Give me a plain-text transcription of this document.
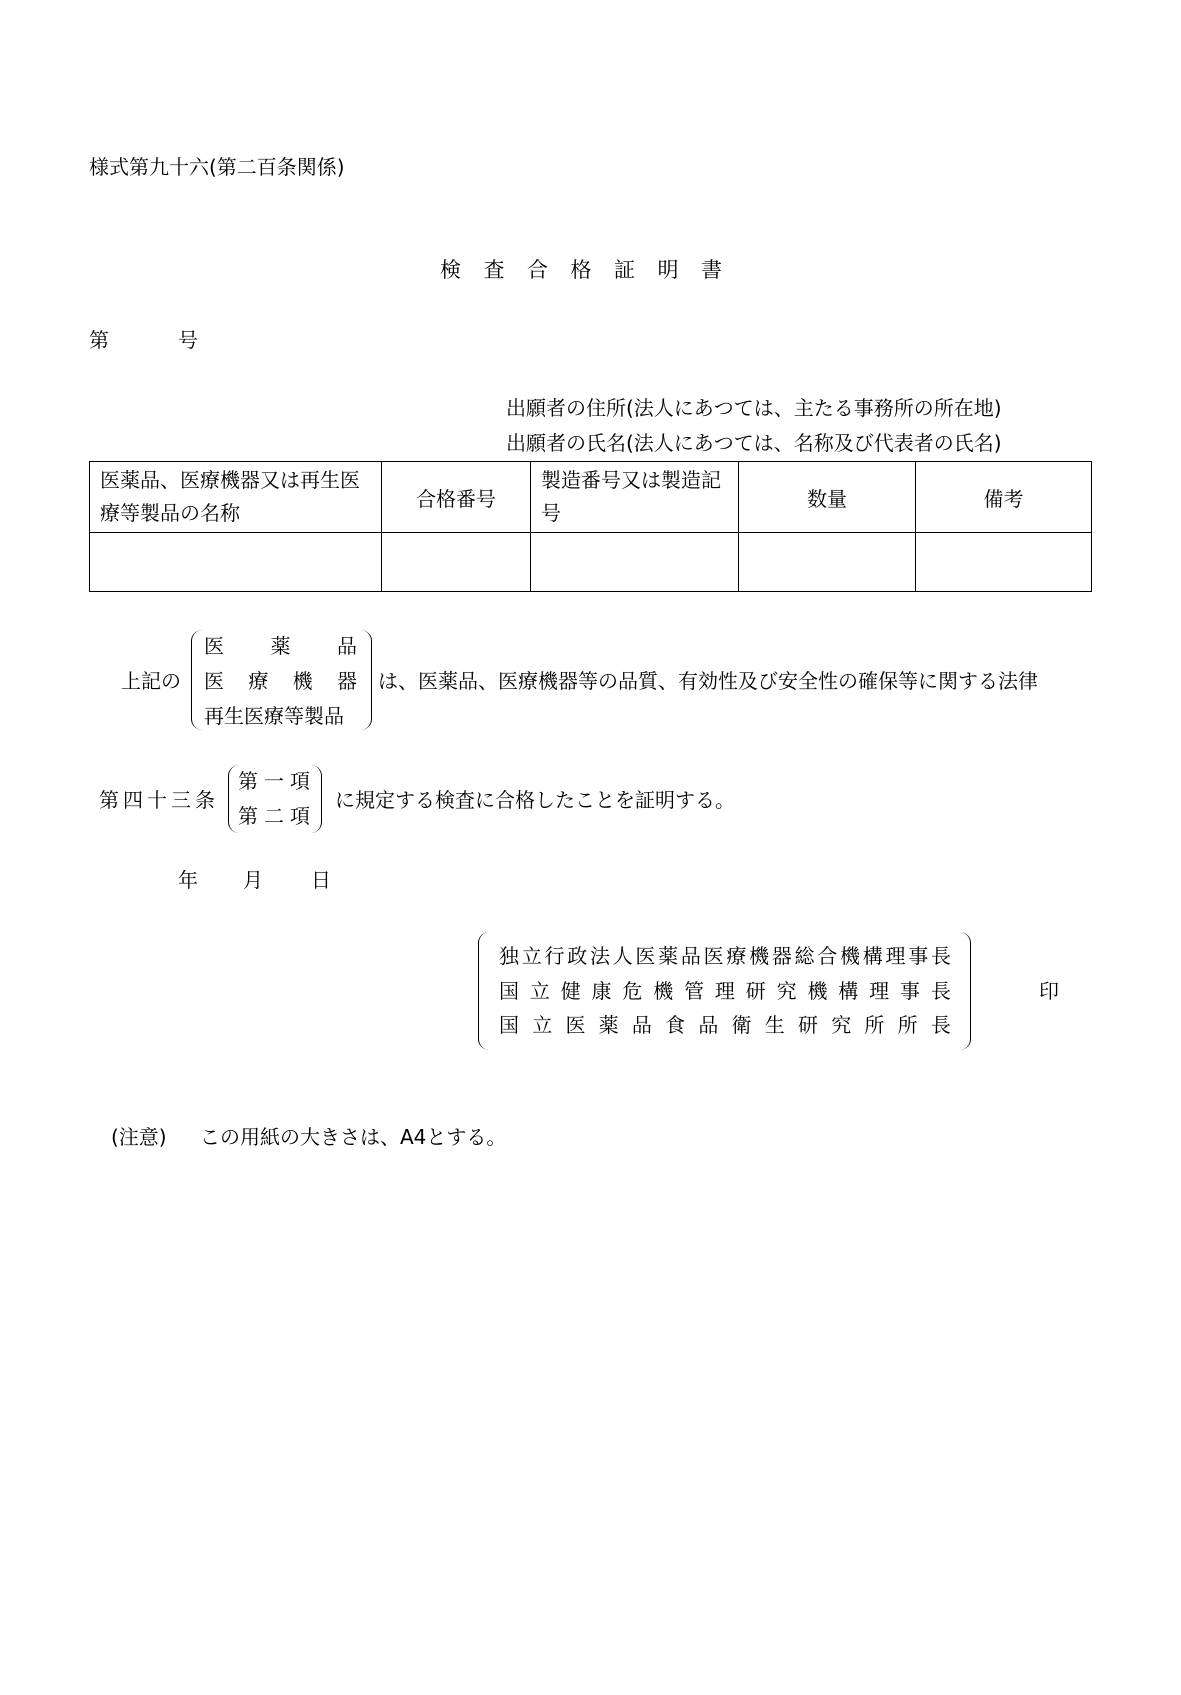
様式第九十六(第二百条関係)
検 査 合 格 証 明 書
第	号
出願者の住所(法人にあつては、主たる事務所の所在地)
出願者の氏名(法人にあつては、名称及び代表者の氏名)
医薬品、医療機器又は再生医療等製品の名称	合格番号	製造番号又は製造記号	数量	備考

上記の
医 薬 品
医 療 機 器
再生医療等製品
は、医薬品、医療機器等の品質、有効性及び安全性の確保等に関する法律
第四十三条
第一項
第二項
に規定する検査に合格したことを証明する。
年 月 日
独 立 行 政 法 人 医 薬 品 医 療 機 器 総 合 機 構 理 事 長
国 立 健 康 危 機 管 理 研 究 機 構 理 事 長
国 立 医 薬 品 食 品 衛 生 研 究 所 所 長
印
(注意) この用紙の大きさは、A4とする。
